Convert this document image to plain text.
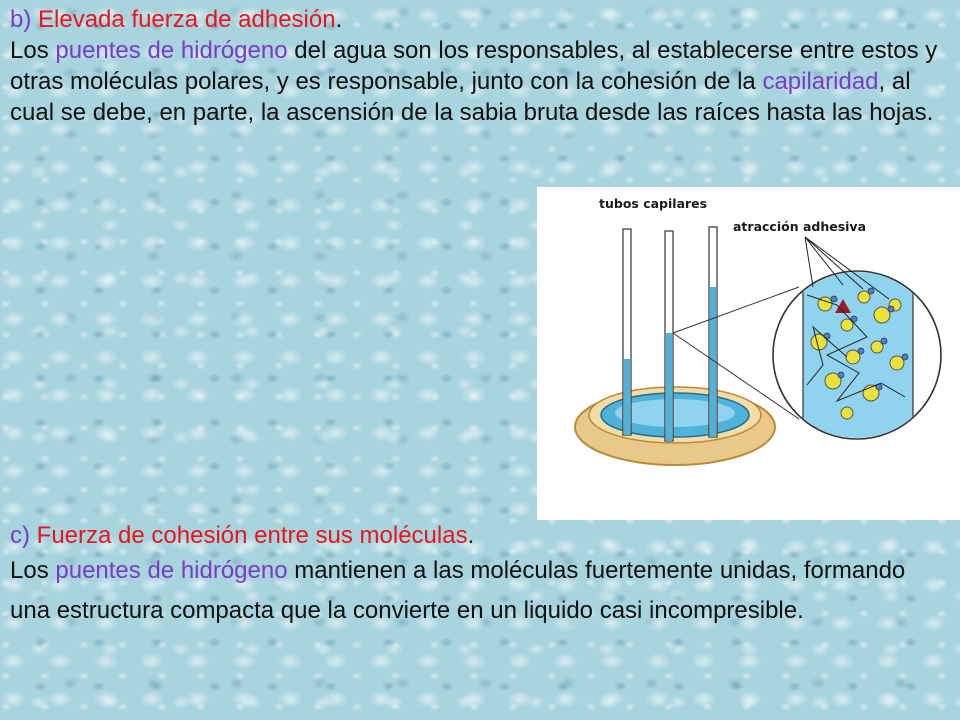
b) Elevada fuerza de adhesión.

Los puentes de hidrógeno del agua son los responsables, al establecerse entre estos y otras moléculas polares, y es responsable, junto con la cohesión de la capilaridad, al cual se debe, en parte, la ascensión de la sabia bruta desde las raíces hasta las hojas.

tubos capilares
atracción adhesiva

c) Fuerza de cohesión entre sus moléculas.

Los puentes de hidrógeno mantienen a las moléculas fuertemente unidas, formando una estructura compacta que la convierte en un liquido casi incompresible.
